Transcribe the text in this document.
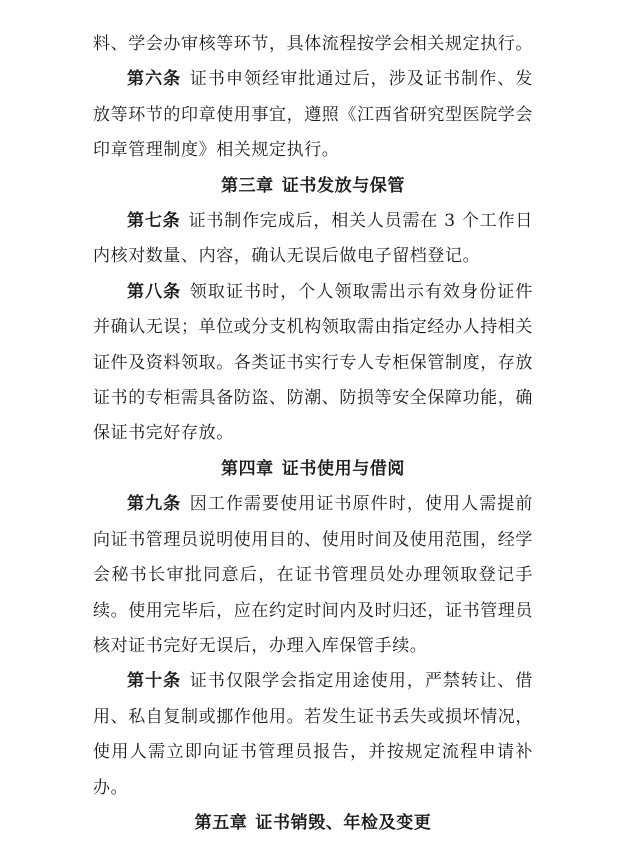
料、学会办审核等环节，具体流程按学会相关规定执行。

第六条 证书申领经审批通过后，涉及证书制作、发放等环节的印章使用事宜，遵照《江西省研究型医院学会印章管理制度》相关规定执行。

第三章 证书发放与保管

第七条 证书制作完成后，相关人员需在 3 个工作日内核对数量、内容，确认无误后做电子留档登记。

第八条 领取证书时，个人领取需出示有效身份证件并确认无误；单位或分支机构领取需由指定经办人持相关证件及资料领取。各类证书实行专人专柜保管制度，存放证书的专柜需具备防盗、防潮、防损等安全保障功能，确保证书完好存放。

第四章 证书使用与借阅

第九条 因工作需要使用证书原件时，使用人需提前向证书管理员说明使用目的、使用时间及使用范围，经学会秘书长审批同意后，在证书管理员处办理领取登记手续。使用完毕后，应在约定时间内及时归还，证书管理员核对证书完好无误后，办理入库保管手续。

第十条 证书仅限学会指定用途使用，严禁转让、借用、私自复制或挪作他用。若发生证书丢失或损坏情况，使用人需立即向证书管理员报告，并按规定流程申请补办。

第五章 证书销毁、年检及变更
